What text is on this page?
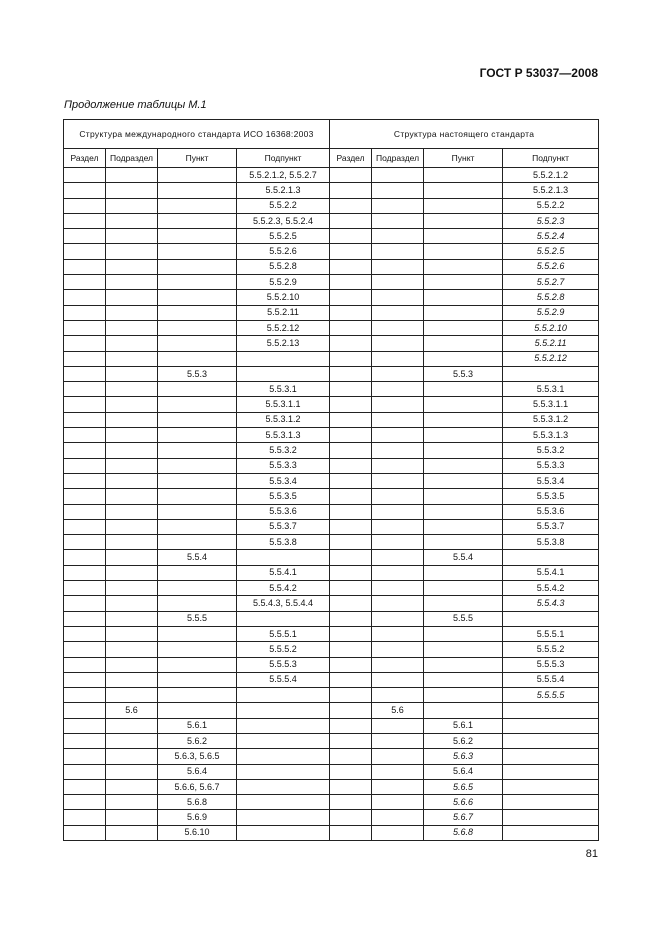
ГОСТ Р 53037—2008
Продолжение таблицы М.1
Структура международного стандарта ИСО 16368:2003				Структура настоящего стандарта			
Раздел	Подраздел	Пункт	Подпункт	Раздел	Подраздел	Пункт	Подпункт
			5.5.2.1.2, 5.5.2.7				5.5.2.1.2
			5.5.2.1.3				5.5.2.1.3
			5.5.2.2				5.5.2.2
			5.5.2.3, 5.5.2.4				5.5.2.3
			5.5.2.5				5.5.2.4
			5.5.2.6				5.5.2.5
			5.5.2.8				5.5.2.6
			5.5.2.9				5.5.2.7
			5.5.2.10				5.5.2.8
			5.5.2.11				5.5.2.9
			5.5.2.12				5.5.2.10
			5.5.2.13				5.5.2.11
							5.5.2.12
		5.5.3				5.5.3	
			5.5.3.1				5.5.3.1
			5.5.3.1.1				5.5.3.1.1
			5.5.3.1.2				5.5.3.1.2
			5.5.3.1.3				5.5.3.1.3
			5.5.3.2				5.5.3.2
			5.5.3.3				5.5.3.3
			5.5.3.4				5.5.3.4
			5.5.3.5				5.5.3.5
			5.5.3.6				5.5.3.6
			5.5.3.7				5.5.3.7
			5.5.3.8				5.5.3.8
		5.5.4				5.5.4	
			5.5.4.1				5.5.4.1
			5.5.4.2				5.5.4.2
			5.5.4.3, 5.5.4.4				5.5.4.3
		5.5.5				5.5.5	
			5.5.5.1				5.5.5.1
			5.5.5.2				5.5.5.2
			5.5.5.3				5.5.5.3
			5.5.5.4				5.5.5.4
							5.5.5.5
	5.6				5.6		
		5.6.1				5.6.1	
		5.6.2				5.6.2	
		5.6.3, 5.6.5				5.6.3	
		5.6.4				5.6.4	
		5.6.6, 5.6.7				5.6.5	
		5.6.8				5.6.6	
		5.6.9				5.6.7	
		5.6.10				5.6.8	
81
